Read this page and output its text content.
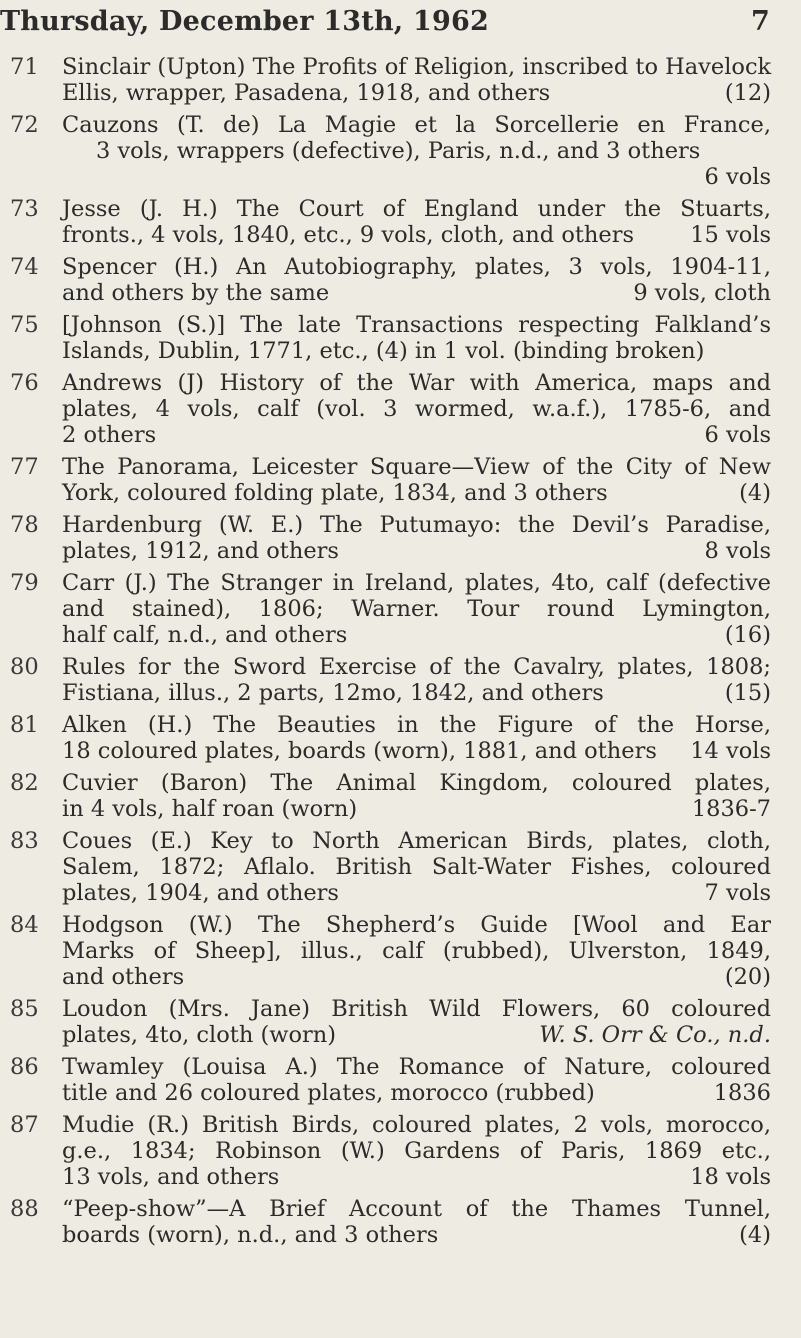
Thursday, December 13th, 1962	7
71	Sinclair (Upton) The Profits of Religion, inscribed to Havelock
Ellis, wrapper, Pasadena, 1918, and others	(12)
72	Cauzons (T. de) La Magie et la Sorcellerie en France,
3 vols, wrappers (defective), Paris, n.d., and 3 others
6 vols
73	Jesse (J. H.) The Court of England under the Stuarts,
fronts., 4 vols, 1840, etc., 9 vols, cloth, and others 15 vols
74	Spencer (H.) An Autobiography, plates, 3 vols, 1904-11,
and others by the same	9 vols, cloth
75	[Johnson (S.)] The late Transactions respecting Falkland’s
Islands, Dublin, 1771, etc., (4) in 1 vol. (binding broken)
76	Andrews (J) History of the War with America, maps and
plates, 4 vols, calf (vol. 3 wormed, w.a.f.), 1785-6, and
2 others	6 vols
77	The Panorama, Leicester Square—View of the City of New
York, coloured folding plate, 1834, and 3 others	(4)
78	Hardenburg (W. E.) The Putumayo: the Devil’s Paradise,
plates, 1912, and others	8 vols
79	Carr (J.) The Stranger in Ireland, plates, 4to, calf (defective
and stained), 1806; Warner. Tour round Lymington,
half calf, n.d., and others	(16)
80	Rules for the Sword Exercise of the Cavalry, plates, 1808;
Fistiana, illus., 2 parts, 12mo, 1842, and others	(15)
81	Alken (H.) The Beauties in the Figure of the Horse,
18 coloured plates, boards (worn), 1881, and others 14 vols
82	Cuvier (Baron) The Animal Kingdom, coloured plates,
in 4 vols, half roan (worn)	1836-7
83	Coues (E.) Key to North American Birds, plates, cloth,
Salem, 1872; Aflalo. British Salt-Water Fishes, coloured
plates, 1904, and others	7 vols
84	Hodgson (W.) The Shepherd’s Guide [Wool and Ear
Marks of Sheep], illus., calf (rubbed), Ulverston, 1849,
and others	(20)
85	Loudon (Mrs. Jane) British Wild Flowers, 60 coloured
plates, 4to, cloth (worn)	W. S. Orr & Co., n.d.
86	Twamley (Louisa A.) The Romance of Nature, coloured
title and 26 coloured plates, morocco (rubbed)	1836
87	Mudie (R.) British Birds, coloured plates, 2 vols, morocco,
g.e., 1834; Robinson (W.) Gardens of Paris, 1869 etc.,
13 vols, and others	18 vols
88	“Peep-show”—A Brief Account of the Thames Tunnel,
boards (worn), n.d., and 3 others	(4)
